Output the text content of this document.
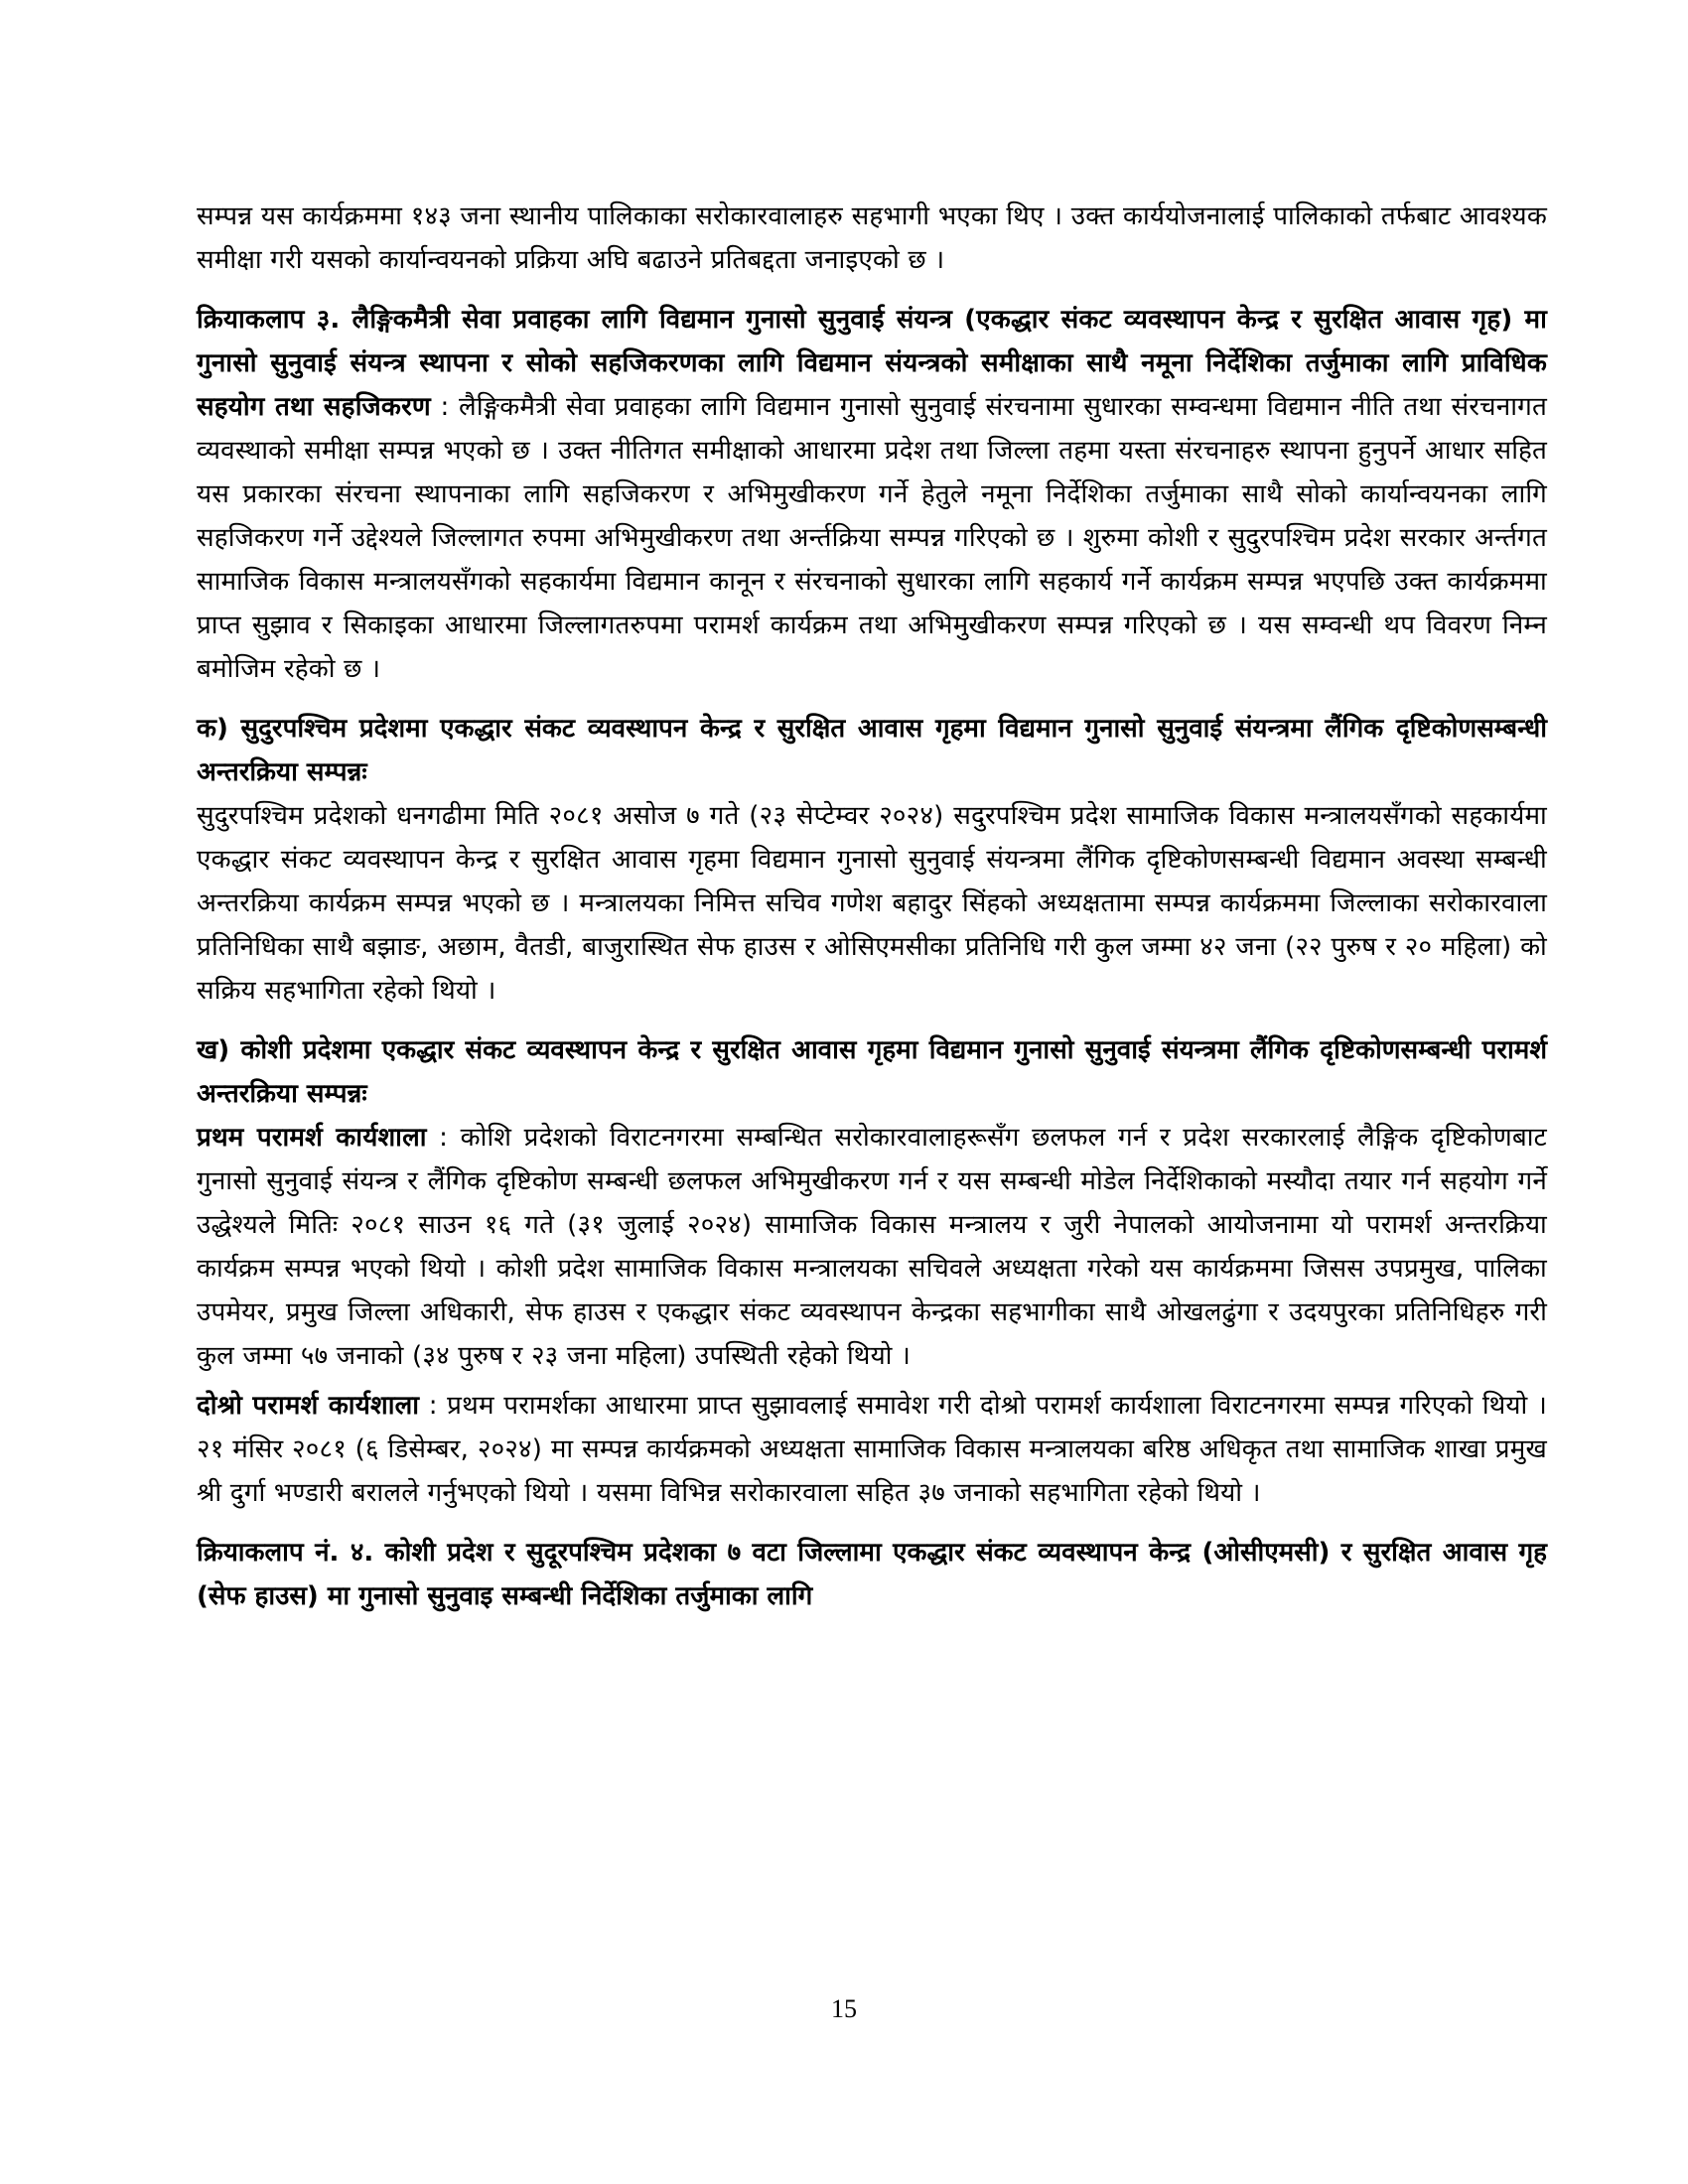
सम्पन्न यस कार्यक्रममा १४३ जना स्थानीय पालिकाका सरोकारवालाहरु सहभागी भएका थिए । उक्त कार्ययोजनालाई पालिकाको तर्फबाट आवश्यक समीक्षा गरी यसको कार्यान्वयनको प्रक्रिया अघि बढाउने प्रतिबद्दता जनाइएको छ ।

क्रियाकलाप ३. लैङ्गिकमैत्री सेवा प्रवाहका लागि विद्यमान गुनासो सुनुवाई संयन्त्र (एकद्धार संकट व्यवस्थापन केन्द्र र सुरक्षित आवास गृह) मा गुनासो सुनुवाई संयन्त्र स्थापना र सोको सहजिकरणका लागि विद्यमान संयन्त्रको समीक्षाका साथै नमूना निर्देशिका तर्जुमाका लागि प्राविधिक सहयोग तथा सहजिकरण : लैङ्गिकमैत्री सेवा प्रवाहका लागि विद्यमान गुनासो सुनुवाई संरचनामा सुधारका सम्वन्धमा विद्यमान नीति तथा संरचनागत व्यवस्थाको समीक्षा सम्पन्न भएको छ । उक्त नीतिगत समीक्षाको आधारमा प्रदेश तथा जिल्ला तहमा यस्ता संरचनाहरु स्थापना हुनुपर्ने आधार सहित यस प्रकारका संरचना स्थापनाका लागि सहजिकरण र अभिमुखीकरण गर्ने हेतुले नमूना निर्देशिका तर्जुमाका साथै सोको कार्यान्वयनका लागि सहजिकरण गर्ने उद्देश्यले जिल्लागत रुपमा अभिमुखीकरण तथा अर्न्तक्रिया सम्पन्न गरिएको छ । शुरुमा कोशी र सुदुरपश्चिम प्रदेश सरकार अर्न्तगत सामाजिक विकास मन्त्रालयसँगको सहकार्यमा विद्यमान कानून र संरचनाको सुधारका लागि सहकार्य गर्ने कार्यक्रम सम्पन्न भएपछि उक्त कार्यक्रममा प्राप्त सुझाव र सिकाइका आधारमा जिल्लागतरुपमा परामर्श कार्यक्रम तथा अभिमुखीकरण सम्पन्न गरिएको छ । यस सम्वन्धी थप विवरण निम्न बमोजिम रहेको छ ।

क) सुदुरपश्चिम प्रदेशमा एकद्धार संकट व्यवस्थापन केन्द्र र सुरक्षित आवास गृहमा विद्यमान गुनासो सुनुवाई संयन्त्रमा लैंगिक दृष्टिकोणसम्बन्धी अन्तरक्रिया सम्पन्नः

सुदुरपश्चिम प्रदेशको धनगढीमा मिति २०८१ असोज ७ गते (२३ सेप्टेम्वर २०२४) सदुरपश्चिम प्रदेश सामाजिक विकास मन्त्रालयसँगको सहकार्यमा एकद्धार संकट व्यवस्थापन केन्द्र र सुरक्षित आवास गृहमा विद्यमान गुनासो सुनुवाई संयन्त्रमा लैंगिक दृष्टिकोणसम्बन्धी विद्यमान अवस्था सम्बन्धी अन्तरक्रिया कार्यक्रम सम्पन्न भएको छ । मन्त्रालयका निमित्त सचिव गणेश बहादुर सिंहको अध्यक्षतामा सम्पन्न कार्यक्रममा जिल्लाका सरोकारवाला प्रतिनिधिका साथै बझाङ, अछाम, वैतडी, बाजुरास्थित सेफ हाउस र ओसिएमसीका प्रतिनिधि गरी कुल जम्मा ४२ जना (२२ पुरुष र २० महिला) को सक्रिय सहभागिता रहेको थियो ।

ख) कोशी प्रदेशमा एकद्धार संकट व्यवस्थापन केन्द्र र सुरक्षित आवास गृहमा विद्यमान गुनासो सुनुवाई संयन्त्रमा लैंगिक दृष्टिकोणसम्बन्धी परामर्श अन्तरक्रिया सम्पन्नः

प्रथम परामर्श कार्यशाला : कोशि प्रदेशको विराटनगरमा सम्बन्धित सरोकारवालाहरूसँग छलफल गर्न र प्रदेश सरकारलाई लैङ्गिक दृष्टिकोणबाट गुनासो सुनुवाई संयन्त्र र लैंगिक दृष्टिकोण सम्बन्धी छलफल अभिमुखीकरण गर्न र यस सम्बन्धी मोडेल निर्देशिकाको मस्यौदा तयार गर्न सहयोग गर्ने उद्धेश्यले मितिः २०८१ साउन १६ गते (३१ जुलाई २०२४) सामाजिक विकास मन्त्रालय र जुरी नेपालको आयोजनामा यो परामर्श अन्तरक्रिया कार्यक्रम सम्पन्न भएको थियो । कोशी प्रदेश सामाजिक विकास मन्त्रालयका सचिवले अध्यक्षता गरेको यस कार्यक्रममा जिसस उपप्रमुख, पालिका उपमेयर, प्रमुख जिल्ला अधिकारी, सेफ हाउस र एकद्धार संकट व्यवस्थापन केन्द्रका सहभागीका साथै ओखलढुंगा र उदयपुरका प्रतिनिधिहरु गरी कुल जम्मा ५७ जनाको (३४ पुरुष र २३ जना महिला) उपस्थिती रहेको थियो ।

दोश्रो परामर्श कार्यशाला : प्रथम परामर्शका आधारमा प्राप्त सुझावलाई समावेश गरी दोश्रो परामर्श कार्यशाला विराटनगरमा सम्पन्न गरिएको थियो । २१ मंसिर २०८१ (६ डिसेम्बर, २०२४) मा सम्पन्न कार्यक्रमको अध्यक्षता सामाजिक विकास मन्त्रालयका बरिष्ठ अधिकृत तथा सामाजिक शाखा प्रमुख श्री दुर्गा भण्डारी बरालले गर्नुभएको थियो । यसमा विभिन्न सरोकारवाला सहित ३७ जनाको सहभागिता रहेको थियो ।

क्रियाकलाप नं. ४. कोशी प्रदेश र सुदूरपश्चिम प्रदेशका ७ वटा जिल्लामा एकद्धार संकट व्यवस्थापन केन्द्र (ओसीएमसी) र सुरक्षित आवास गृह (सेफ हाउस) मा गुनासो सुनुवाइ सम्बन्धी निर्देशिका तर्जुमाका लागि

15
